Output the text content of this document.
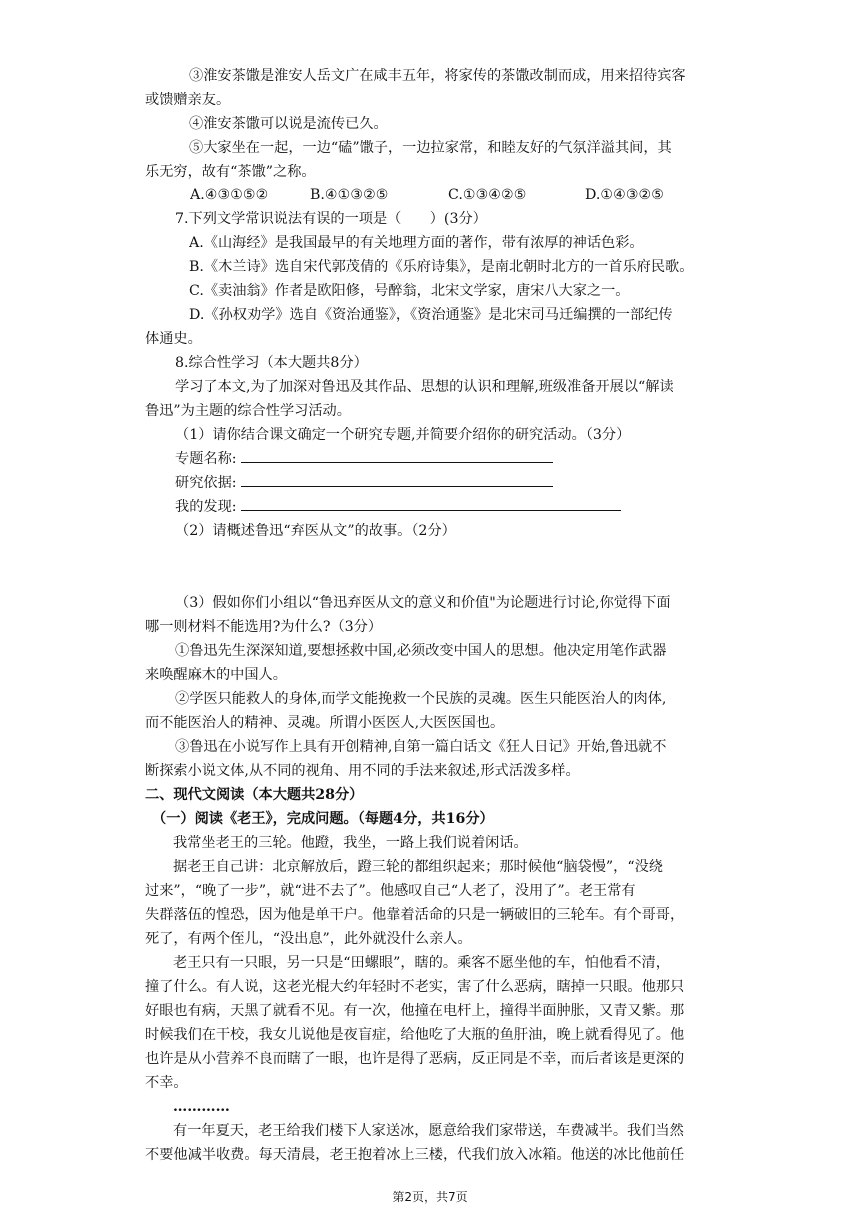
③淮安茶馓是淮安人岳文广在咸丰五年，将家传的茶馓改制而成，用来招待宾客
或馈赠亲友。
④淮安茶馓可以说是流传已久。
⑤大家坐在一起，一边“磕”馓子，一边拉家常，和睦友好的气氛洋溢其间，其
乐无穷，故有“茶馓”之称。
A.④③①⑤②	B.④①③②⑤	C.①③④②⑤	D.①④③②⑤
7.下列文学常识说法有误的一项是（　　）(3分）
A.《山海经》是我国最早的有关地理方面的著作，带有浓厚的神话色彩。
B.《木兰诗》选自宋代郭茂倩的《乐府诗集》，是南北朝时北方的一首乐府民歌。
C.《卖油翁》作者是欧阳修，号醉翁，北宋文学家，唐宋八大家之一。
D.《孙权劝学》选自《资治通鉴》，《资治通鉴》是北宋司马迁编撰的一部纪传
体通史。
8.综合性学习（本大题共8分）
学习了本文,为了加深对鲁迅及其作品、思想的认识和理解,班级准备开展以“解读
鲁迅”为主题的综合性学习活动。
（1）请你结合课文确定一个研究专题,并简要介绍你的研究活动。（3分）
专题名称:
研究依据:
我的发现:
（2）请概述鲁迅“弃医从文”的故事。（2分）
（3）假如你们小组以“鲁迅弃医从文的意义和价值"为论题进行讨论,你觉得下面
哪一则材料不能选用?为什么?（3分）
①鲁迅先生深深知道,要想拯救中国,必须改变中国人的思想。他决定用笔作武器
来唤醒麻木的中国人。
②学医只能救人的身体,而学文能挽救一个民族的灵魂。医生只能医治人的肉体,
而不能医治人的精神、灵魂。所谓小医医人,大医医国也。
③鲁迅在小说写作上具有开创精神,自第一篇白话文《狂人日记》开始,鲁迅就不
断探索小说文体,从不同的视角、用不同的手法来叙述,形式活泼多样。
二、现代文阅读（本大题共28分）
（一）阅读《老王》，完成问题。（每题4分，共16分）
我常坐老王的三轮。他蹬，我坐，一路上我们说着闲话。
据老王自己讲：北京解放后，蹬三轮的都组织起来；那时候他“脑袋慢”，“没绕
过来”，“晚了一步”，就“进不去了”。他感叹自己“人老了，没用了”。老王常有
失群落伍的惶恐，因为他是单干户。他靠着活命的只是一辆破旧的三轮车。有个哥哥，
死了，有两个侄儿，“没出息”，此外就没什么亲人。
老王只有一只眼，另一只是“田螺眼”，瞎的。乘客不愿坐他的车，怕他看不清，
撞了什么。有人说，这老光棍大约年轻时不老实，害了什么恶病，瞎掉一只眼。他那只
好眼也有病，天黑了就看不见。有一次，他撞在电杆上，撞得半面肿胀，又青又紫。那
时候我们在干校，我女儿说他是夜盲症，给他吃了大瓶的鱼肝油，晚上就看得见了。他
也许是从小营养不良而瞎了一眼，也许是得了恶病，反正同是不幸，而后者该是更深的
不幸。
…………
有一年夏天，老王给我们楼下人家送冰，愿意给我们家带送，车费减半。我们当然
不要他减半收费。每天清晨，老王抱着冰上三楼，代我们放入冰箱。他送的冰比他前任
第2页，共7页
